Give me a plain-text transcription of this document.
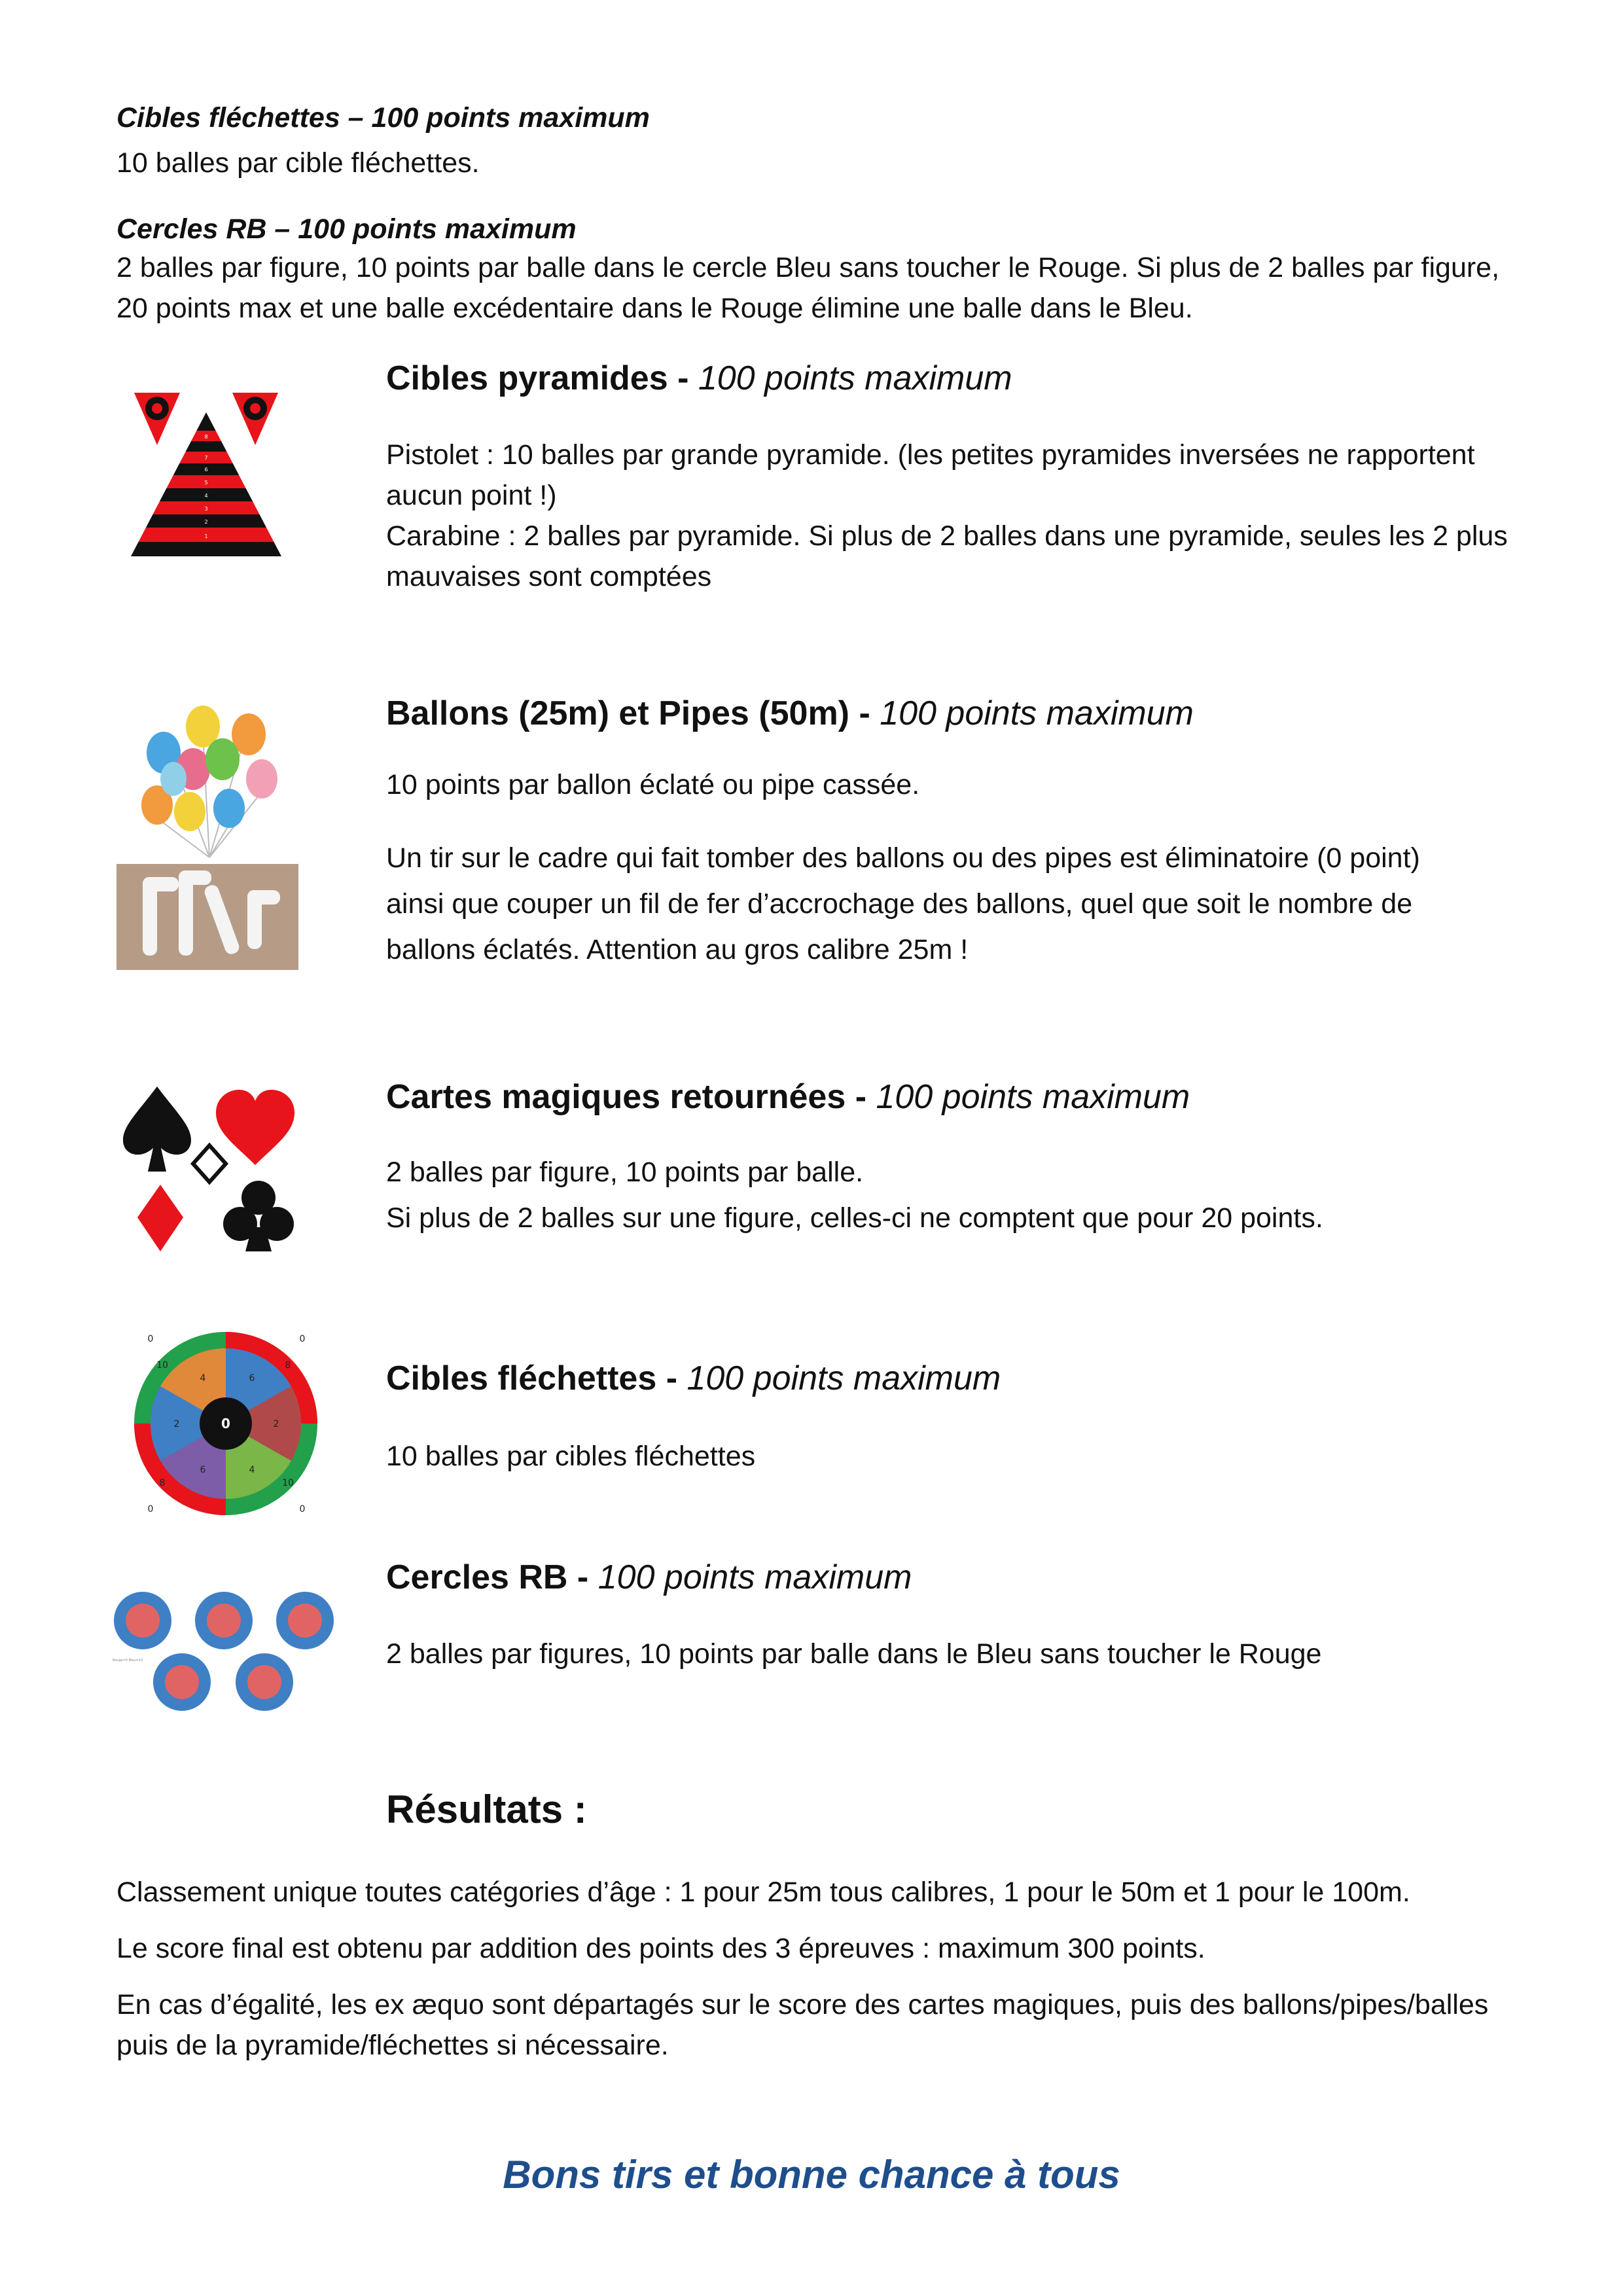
Cibles fléchettes – 100 points maximum
10 balles par cible fléchettes.
Cercles RB – 100 points maximum
2 balles par figure, 10 points par balle dans le cercle Bleu sans toucher le Rouge. Si plus de 2 balles par figure,
20 points max et une balle excédentaire dans le Rouge élimine une balle dans le Bleu.
8
7
6
5
4
3
2
1
Cibles pyramides - 100 points maximum
Pistolet : 10 balles par grande pyramide. (les petites pyramides inversées ne rapportent
aucun point !)
Carabine : 2 balles par pyramide. Si plus de 2 balles dans une pyramide, seules les 2 plus
mauvaises sont comptées
Ballons (25m) et Pipes (50m) - 100 points maximum
10 points par ballon éclaté ou pipe cassée.
Un tir sur le cadre qui fait tomber des ballons ou des pipes est éliminatoire (0 point)
ainsi que couper un fil de fer d’accrochage des ballons, quel que soit le nombre de
ballons éclatés. Attention au gros calibre 25m !
Cartes magiques retournées - 100 points maximum
2 balles par figure, 10 points par balle.
Si plus de 2 balles sur une figure, celles-ci ne comptent que pour 20 points.
0
4	6
2	2
6	4
10	8
8	10
0	0
0	0
Cibles fléchettes - 100 points maximum
10 balles par cibles fléchettes
Rouge=0 Bleu=10
Cercles RB - 100 points maximum
2 balles par figures, 10 points par balle dans le Bleu sans toucher le Rouge
Résultats :
Classement unique toutes catégories d’âge : 1 pour 25m tous calibres, 1 pour le 50m et 1 pour le 100m.
Le score final est obtenu par addition des points des 3 épreuves : maximum 300 points.
En cas d’égalité, les ex æquo sont départagés sur le score des cartes magiques, puis des ballons/pipes/balles
puis de la pyramide/fléchettes si nécessaire.
Bons tirs et bonne chance à tous
